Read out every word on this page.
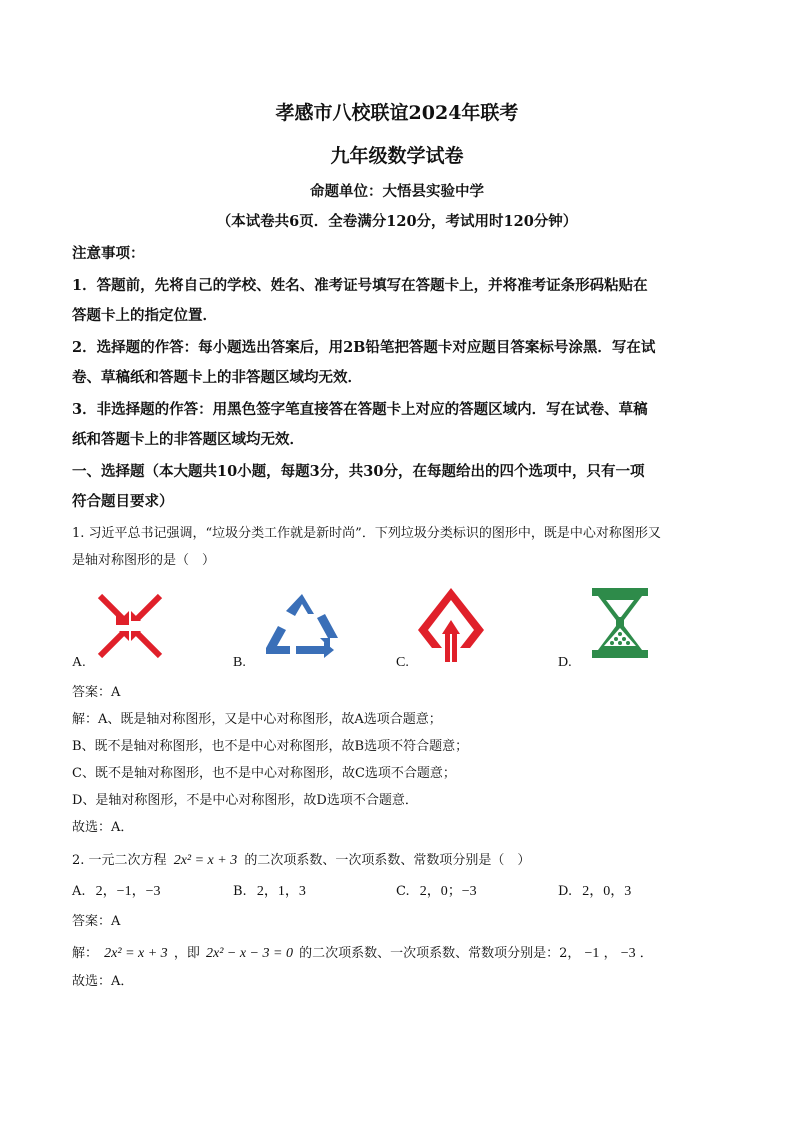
孝感市八校联谊2024年联考
九年级数学试卷
命题单位：大悟县实验中学
（本试卷共6页．全卷满分120分，考试用时120分钟）
注意事项：
1．答题前，先将自己的学校、姓名、准考证号填写在答题卡上，并将准考证条形码粘贴在
答题卡上的指定位置．
2．选择题的作答：每小题选出答案后，用2B铅笔把答题卡对应题目答案标号涂黑．写在试
卷、草稿纸和答题卡上的非答题区域均无效．
3．非选择题的作答：用黑色签字笔直接答在答题卡上对应的答题区域内．写在试卷、草稿
纸和答题卡上的非答题区域均无效．
一、选择题（本大题共10小题，每题3分，共30分，在每题给出的四个选项中，只有一项
符合题目要求）
1. 习近平总书记强调，“垃圾分类工作就是新时尚”．下列垃圾分类标识的图形中，既是中心对称图形又
是轴对称图形的是（　）
A.	B.	C.	D.
答案：A
解：A、既是轴对称图形，又是中心对称图形，故A选项合题意；
B、既不是轴对称图形，也不是中心对称图形，故B选项不符合题意；
C、既不是轴对称图形，也不是中心对称图形，故C选项不合题意；
D、是轴对称图形，不是中心对称图形，故D选项不合题意．
故选：A．
2. 一元二次方程 2x² = x + 3 的二次项系数、一次项系数、常数项分别是（　）
A. 2，−1，−3	B. 2，1，3	C. 2，0；−3	D. 2，0，3
答案：A
解： 2x² = x + 3 ，即 2x² − x − 3 = 0 的二次项系数、一次项系数、常数项分别是：2， −1 ， −3 ．
故选：A．
